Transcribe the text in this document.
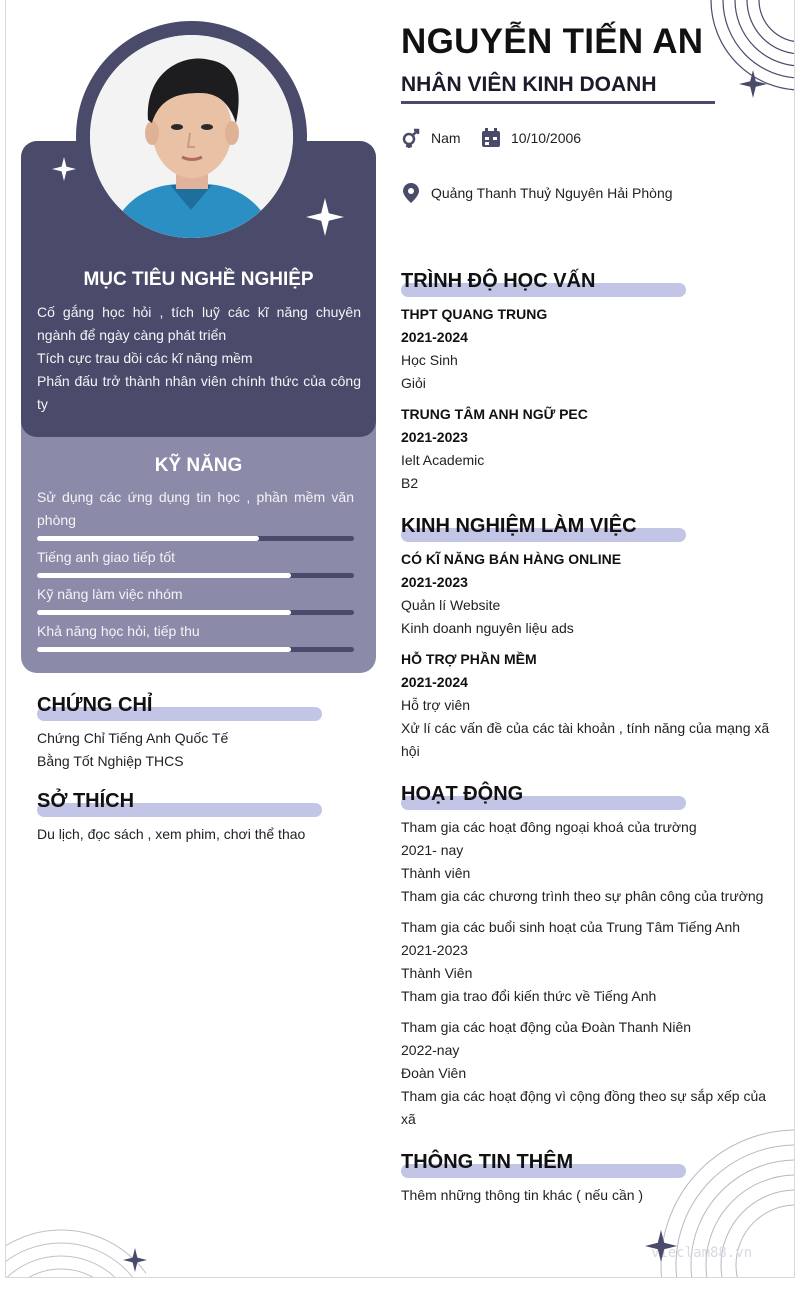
MỤC TIÊU NGHỀ NGHIỆP
Cố gắng học hỏi , tích luỹ các kĩ năng chuyên ngành để ngày càng phát triển
Tích cực trau dồi các kĩ năng mềm
Phấn đấu trở thành nhân viên chính thức của công ty
KỸ NĂNG
Sử dụng các ứng dụng tin học , phần mềm văn phòng
Tiếng anh giao tiếp tốt
Kỹ năng làm việc nhóm
Khả năng học hỏi, tiếp thu
CHỨNG CHỈ
Chứng Chỉ Tiếng Anh Quốc Tế
Bằng Tốt Nghiệp THCS
SỞ THÍCH
Du lịch, đọc sách , xem phim, chơi thể thao
NGUYỄN TIẾN AN
NHÂN VIÊN KINH DOANH
Nam	10/10/2006
Quảng Thanh Thuỷ Nguyên Hải Phòng
TRÌNH ĐỘ HỌC VẤN
THPT QUANG TRUNG
2021-2024
Học Sinh
Giỏi
TRUNG TÂM ANH NGỮ PEC
2021-2023
Ielt Academic
B2
KINH NGHIỆM LÀM VIỆC
CÓ KĨ NĂNG BÁN HÀNG ONLINE
2021-2023
Quản lí Website
Kinh doanh nguyên liệu ads
HỖ TRỢ PHẦN MỀM
2021-2024
Hỗ trợ viên
Xử lí các vấn đề của các tài khoản , tính năng của mạng xã hội
HOẠT ĐỘNG
Tham gia các hoạt đông ngoại khoá của trường
2021- nay
Thành viên
Tham gia các chương trình theo sự phân công của trường
Tham gia các buổi sinh hoạt của Trung Tâm Tiếng Anh
2021-2023
Thành Viên
Tham gia trao đổi kiến thức về Tiếng Anh
Tham gia các hoạt động của Đoàn Thanh Niên
2022-nay
Đoàn Viên
Tham gia các hoạt động vì cộng đồng theo sự sắp xếp của xã
THÔNG TIN THÊM
Thêm những thông tin khác ( nếu cần )
vieclam88.vn
